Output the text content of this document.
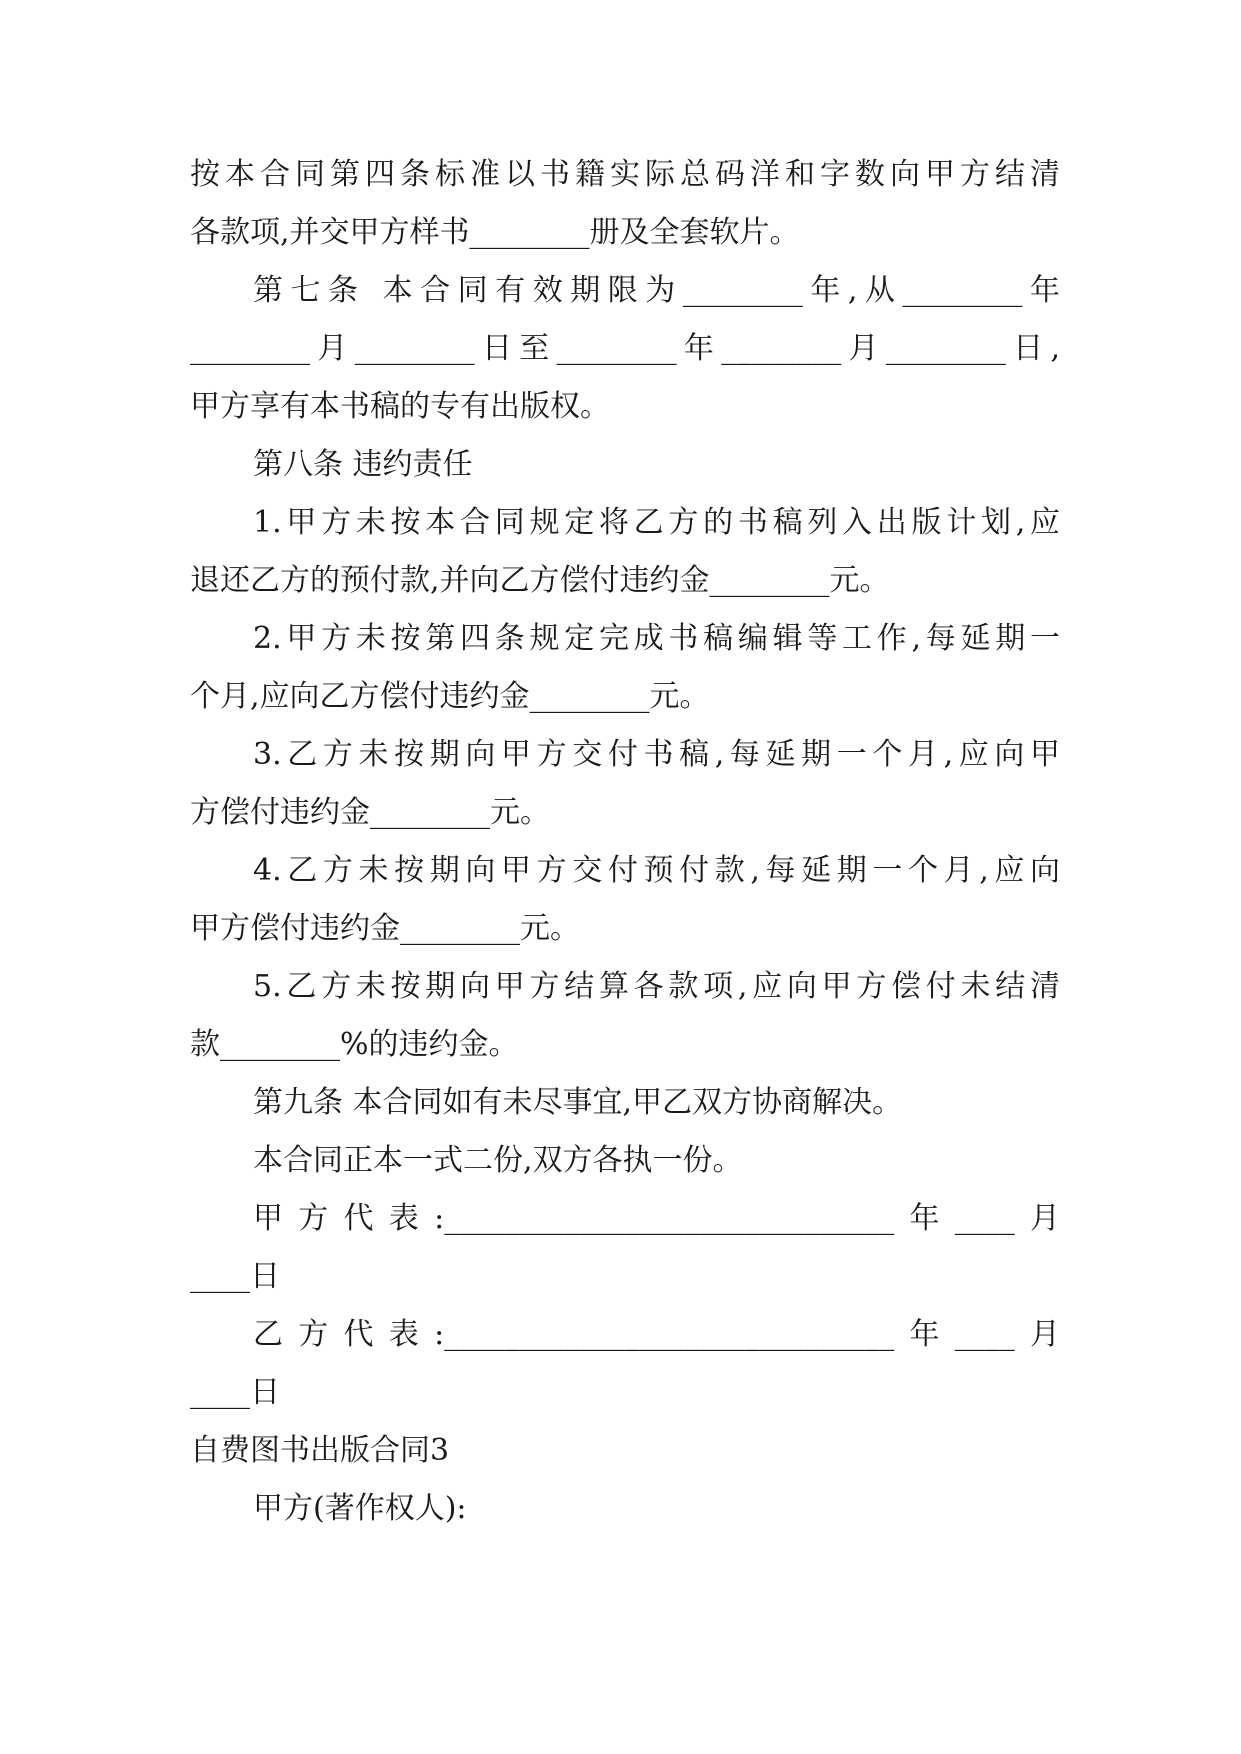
按本合同第四条标准以书籍实际总码洋和字数向甲方结清
各款项,并交甲方样书________册及全套软片。
第七条 本合同有效期限为________年,从________年
________月________日至________年________月________日,
甲方享有本书稿的专有出版权。
第八条 违约责任
1.甲方未按本合同规定将乙方的书稿列入出版计划,应
退还乙方的预付款,并向乙方偿付违约金________元。
2.甲方未按第四条规定完成书稿编辑等工作,每延期一
个月,应向乙方偿付违约金________元。
3.乙方未按期向甲方交付书稿,每延期一个月,应向甲
方偿付违约金________元。
4.乙方未按期向甲方交付预付款,每延期一个月,应向
甲方偿付违约金________元。
5.乙方未按期向甲方结算各款项,应向甲方偿付未结清
款________%的违约金。
第九条 本合同如有未尽事宜,甲乙双方协商解决。
本合同正本一式二份,双方各执一份。
甲方代表:______________________________年____月
____日
乙方代表:______________________________年____月
____日
自费图书出版合同3
甲方(著作权人):
